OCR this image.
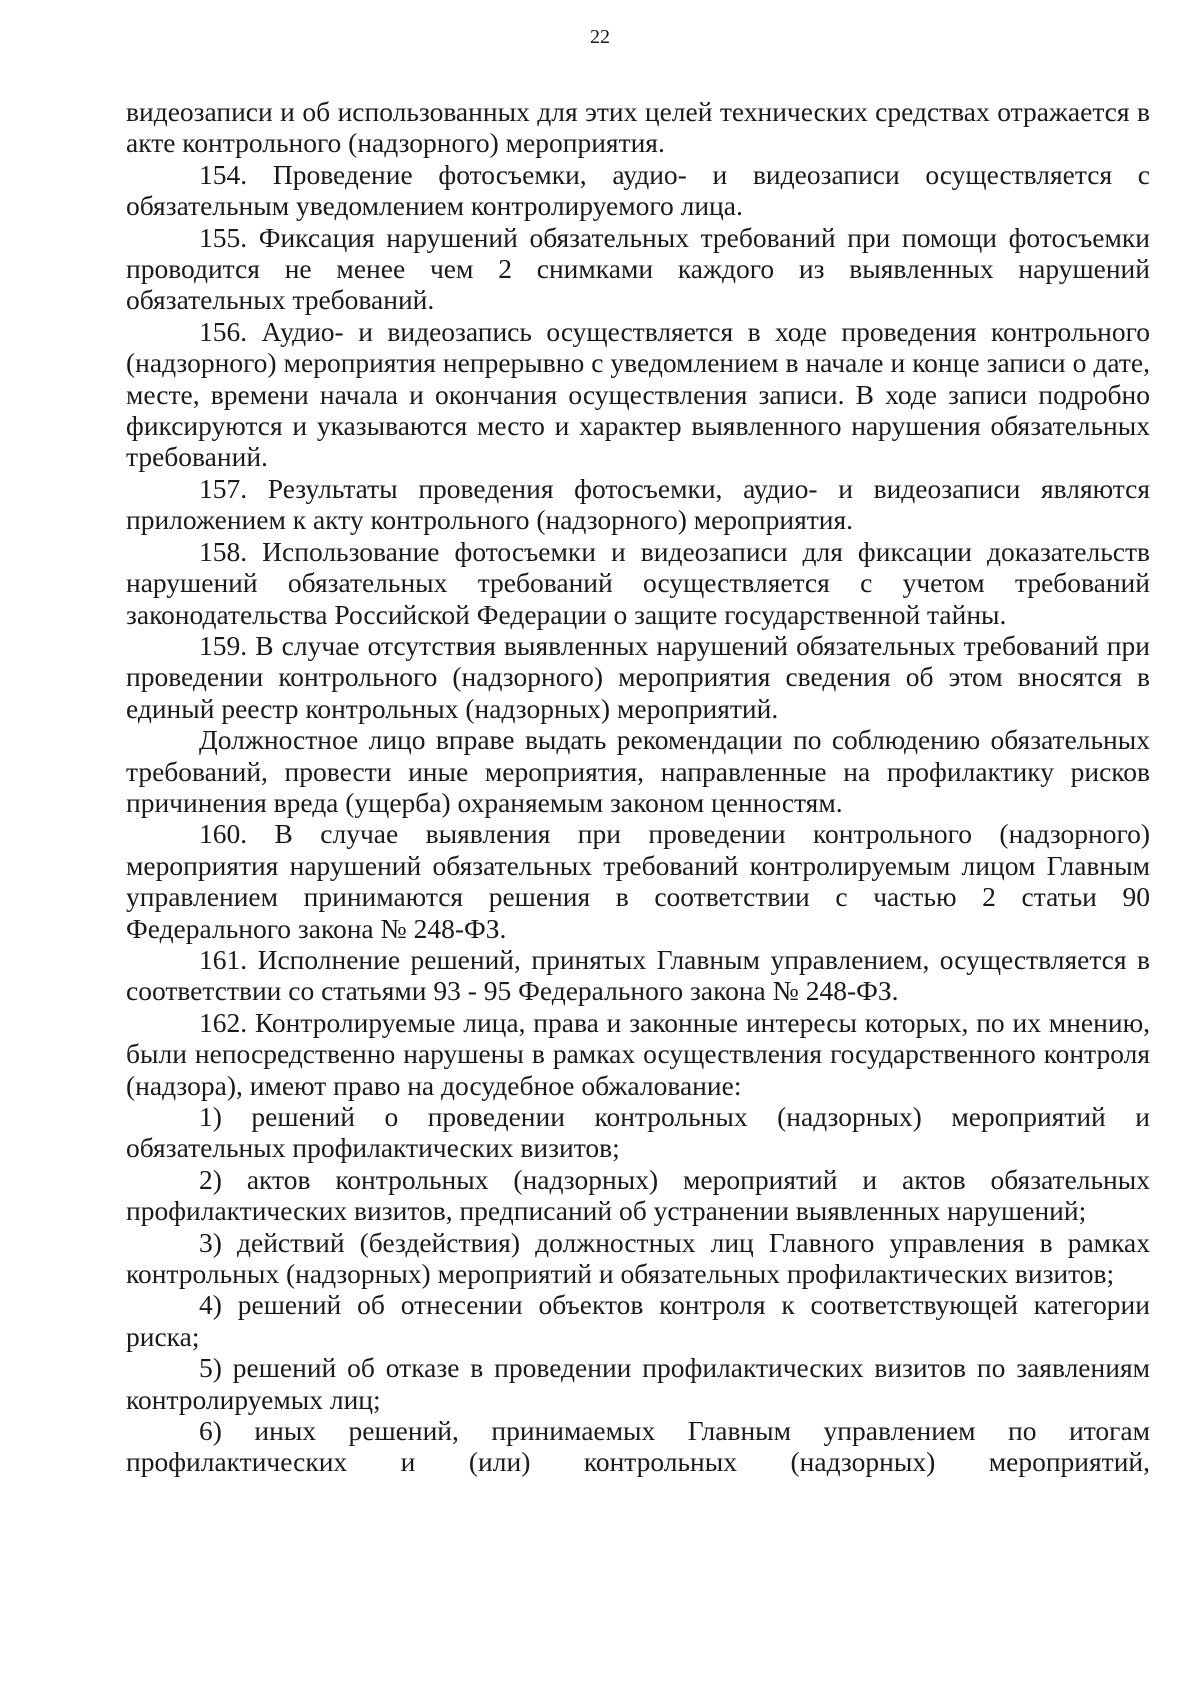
22

видеозаписи и об использованных для этих целей технических средствах отражается в акте контрольного (надзорного) мероприятия.

154. Проведение фотосъемки, аудио- и видеозаписи осуществляется с обязательным уведомлением контролируемого лица.

155. Фиксация нарушений обязательных требований при помощи фотосъемки проводится не менее чем 2 снимками каждого из выявленных нарушений обязательных требований.

156. Аудио- и видеозапись осуществляется в ходе проведения контрольного (надзорного) мероприятия непрерывно с уведомлением в начале и конце записи о дате, месте, времени начала и окончания осуществления записи. В ходе записи подробно фиксируются и указываются место и характер выявленного нарушения обязательных требований.

157. Результаты проведения фотосъемки, аудио- и видеозаписи являются приложением к акту контрольного (надзорного) мероприятия.

158. Использование фотосъемки и видеозаписи для фиксации доказательств нарушений обязательных требований осуществляется с учетом требований законодательства Российской Федерации о защите государственной тайны.

159. В случае отсутствия выявленных нарушений обязательных требований при проведении контрольного (надзорного) мероприятия сведения об этом вносятся в единый реестр контрольных (надзорных) мероприятий.

Должностное лицо вправе выдать рекомендации по соблюдению обязательных требований, провести иные мероприятия, направленные на профилактику рисков причинения вреда (ущерба) охраняемым законом ценностям.

160. В случае выявления при проведении контрольного (надзорного) мероприятия нарушений обязательных требований контролируемым лицом Главным управлением принимаются решения в соответствии с частью 2 статьи 90 Федерального закона № 248-ФЗ.

161. Исполнение решений, принятых Главным управлением, осуществляется в соответствии со статьями 93 - 95 Федерального закона № 248-ФЗ.

162. Контролируемые лица, права и законные интересы которых, по их мнению, были непосредственно нарушены в рамках осуществления государственного контроля (надзора), имеют право на досудебное обжалование:

1) решений о проведении контрольных (надзорных) мероприятий и обязательных профилактических визитов;

2) актов контрольных (надзорных) мероприятий и актов обязательных профилактических визитов, предписаний об устранении выявленных нарушений;

3) действий (бездействия) должностных лиц Главного управления в рамках контрольных (надзорных) мероприятий и обязательных профилактических визитов;

4) решений об отнесении объектов контроля к соответствующей категории риска;

5) решений об отказе в проведении профилактических визитов по заявлениям контролируемых лиц;

6) иных решений, принимаемых Главным управлением по итогам профилактических и (или) контрольных (надзорных) мероприятий,
